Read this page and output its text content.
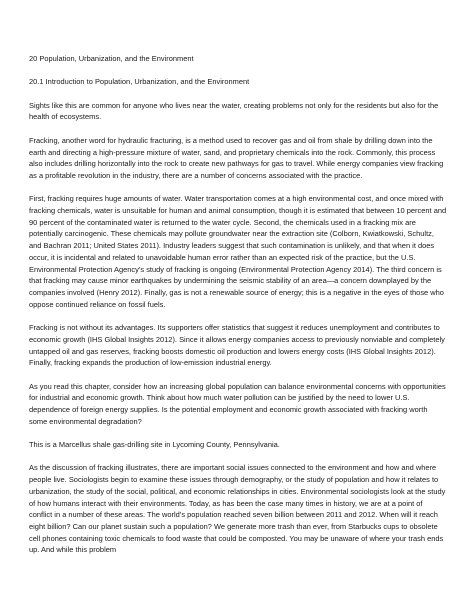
20 Population, Urbanization, and the Environment

20.1 Introduction to Population, Urbanization, and the Environment

Sights like this are common for anyone who lives near the water, creating problems not only for the residents but also for the health of ecosystems.

Fracking, another word for hydraulic fracturing, is a method used to recover gas and oil from shale by drilling down into the earth and directing a high-pressure mixture of water, sand, and proprietary chemicals into the rock. Commonly, this process also includes drilling horizontally into the rock to create new pathways for gas to travel. While energy companies view fracking as a profitable revolution in the industry, there are a number of concerns associated with the practice.

First, fracking requires huge amounts of water. Water transportation comes at a high environmental cost, and once mixed with fracking chemicals, water is unsuitable for human and animal consumption, though it is estimated that between 10 percent and 90 percent of the contaminated water is returned to the water cycle. Second, the chemicals used in a fracking mix are potentially carcinogenic. These chemicals may pollute groundwater near the extraction site (Colborn, Kwiatkowski, Schultz, and Bachran 2011; United States 2011). Industry leaders suggest that such contamination is unlikely, and that when it does occur, it is incidental and related to unavoidable human error rather than an expected risk of the practice, but the U.S. Environmental Protection Agency’s study of fracking is ongoing (Environmental Protection Agency 2014). The third concern is that fracking may cause minor earthquakes by undermining the seismic stability of an area—a concern downplayed by the companies involved (Henry 2012). Finally, gas is not a renewable source of energy; this is a negative in the eyes of those who oppose continued reliance on fossil fuels.

Fracking is not without its advantages. Its supporters offer statistics that suggest it reduces unemployment and contributes to economic growth (IHS Global Insights 2012). Since it allows energy companies access to previously nonviable and completely untapped oil and gas reserves, fracking boosts domestic oil production and lowers energy costs (IHS Global Insights 2012). Finally, fracking expands the production of low-emission industrial energy.

As you read this chapter, consider how an increasing global population can balance environmental concerns with opportunities for industrial and economic growth. Think about how much water pollution can be justified by the need to lower U.S. dependence of foreign energy supplies. Is the potential employment and economic growth associated with fracking worth some environmental degradation?

This is a Marcellus shale gas-drilling site in Lycoming County, Pennsylvania.

As the discussion of fracking illustrates, there are important social issues connected to the environment and how and where people live. Sociologists begin to examine these issues through demography, or the study of population and how it relates to urbanization, the study of the social, political, and economic relationships in cities. Environmental sociologists look at the study of how humans interact with their environments. Today, as has been the case many times in history, we are at a point of conflict in a number of these areas. The world’s population reached seven billion between 2011 and 2012. When will it reach eight billion? Can our planet sustain such a population? We generate more trash than ever, from Starbucks cups to obsolete cell phones containing toxic chemicals to food waste that could be composted. You may be unaware of where your trash ends up. And while this problem
